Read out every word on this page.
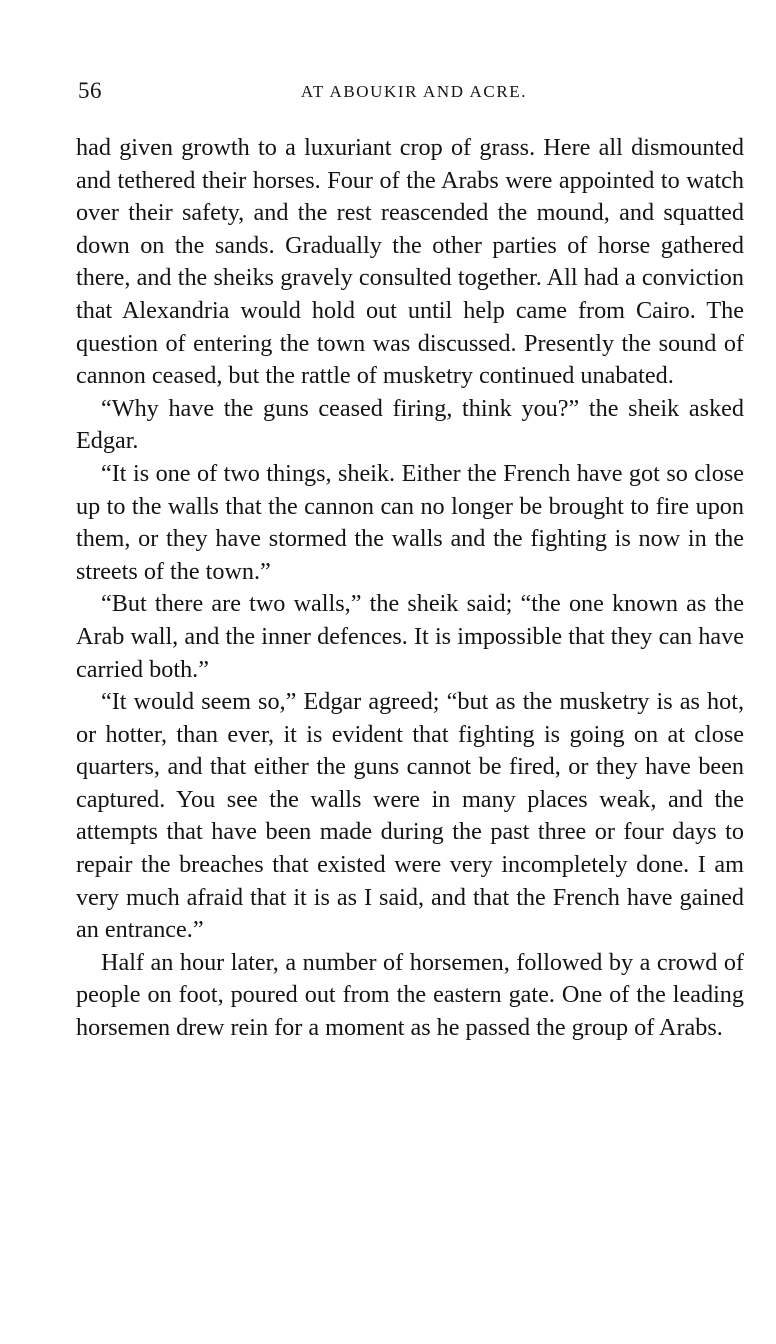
56	AT ABOUKIR AND ACRE.

had given growth to a luxuriant crop of grass. Here all dismounted and tethered their horses. Four of the Arabs were appointed to watch over their safety, and the rest reascended the mound, and squatted down on the sands. Gradually the other parties of horse gathered there, and the sheiks gravely consulted together. All had a conviction that Alexandria would hold out until help came from Cairo. The question of entering the town was discussed. Presently the sound of cannon ceased, but the rattle of musketry continued unabated.

“Why have the guns ceased firing, think you?” the sheik asked Edgar.

“It is one of two things, sheik. Either the French have got so close up to the walls that the cannon can no longer be brought to fire upon them, or they have stormed the walls and the fighting is now in the streets of the town.”

“But there are two walls,” the sheik said; “the one known as the Arab wall, and the inner defences. It is impossible that they can have carried both.”

“It would seem so,” Edgar agreed; “but as the musketry is as hot, or hotter, than ever, it is evident that fighting is going on at close quarters, and that either the guns cannot be fired, or they have been captured. You see the walls were in many places weak, and the attempts that have been made during the past three or four days to repair the breaches that existed were very incompletely done. I am very much afraid that it is as I said, and that the French have gained an entrance.”

Half an hour later, a number of horsemen, followed by a crowd of people on foot, poured out from the eastern gate. One of the leading horsemen drew rein for a moment as he passed the group of Arabs.
